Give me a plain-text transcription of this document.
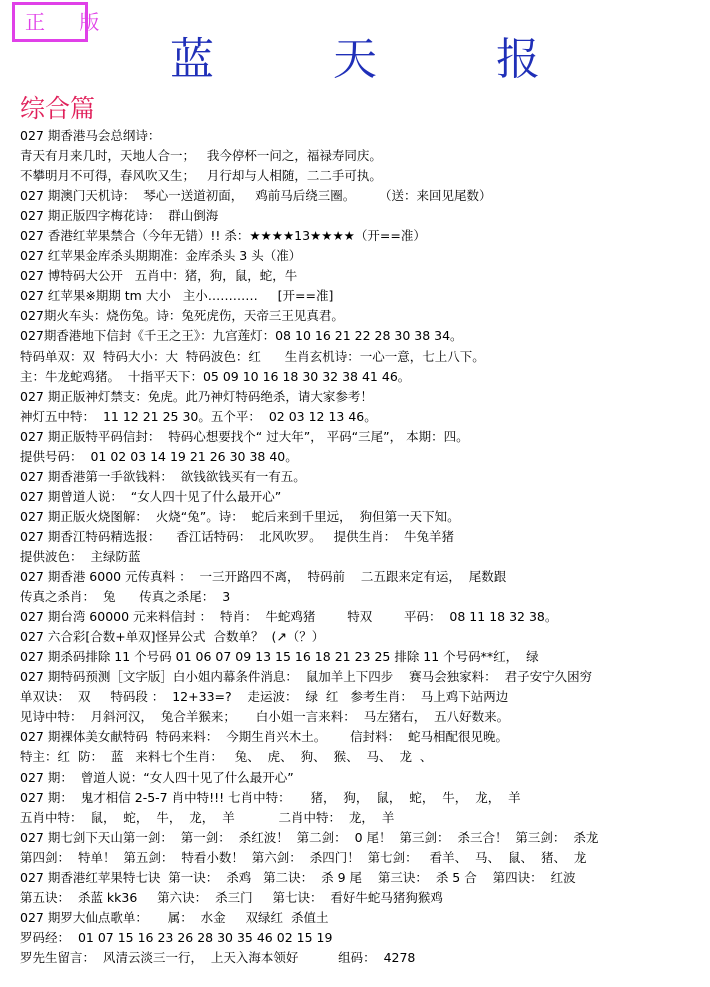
正 版
蓝	天	报
综合篇
027 期香港马会总纲诗：
青天有月来几时，天地人合一；   我今停杯一问之，福禄寿同庆。
不攀明月不可得，春风吹又生；   月行却与人相随，二二手可执。
027 期澳门天机诗：  琴心一送道初面，   鸡前马后绕三圈。      （送：来回见尾数）
027 期正版四字梅花诗：  群山倒海
027 香港红苹果禁合（今年无错）!! 杀：★★★★13★★★★（开==准）
027 红苹果金库杀头期期准：金库杀头 3 头（准）
027 博特码大公开   五肖中：猪，狗，鼠，蛇，牛
027 红苹果※期期 tm 大小   主小…………     [开==准]
027期火车头：烧伤兔。诗：兔死虎伤，天帝三王见真君。
027期香港地下信封《千王之王》：九宫莲灯：08 10 16 21 22 28 30 38 34。
特码单双：双  特码大小：大  特码波色：红      生肖玄机诗：一心一意，七上八下。
主：牛龙蛇鸡猪。  十指平天下：05 09 10 16 18 30 32 38 41 46。
027 期正版神灯禁支：免虎。此乃神灯特码绝杀，请大家参考！
神灯五中特：  11 12 21 25 30。五个平：  02 03 12 13 46。
027 期正版特平码信封：  特码心想要找个“ 过大年”， 平码“三尾”， 本期：四。
提供号码：  01 02 03 14 19 21 26 30 38 40。
027 期香港第一手欲钱料：  欲钱欲钱买有一有五。
027 期曾道人说：  “女人四十见了什么最开心”
027 期正版火烧图解：  火烧“兔”。诗：  蛇后来到千里远，  狗但第一天下知。
027 期香江特码精选报：    香江话特码：  北风吹罗。   提供生肖：  牛兔羊猪
提供波色：  主绿防蓝
027 期香港 6000 元传真料 ：  一三开路四不离，  特码前    二五跟来定有运，  尾数跟
传真之杀肖：  兔      传真之杀尾：  3
027 期台湾 60000 元来料信封 ：  特肖：  牛蛇鸡猪        特双        平码：  08 11 18 32 38。
027 六合彩[合数+单双]怪异公式  合数单？  (↗（？）
027 期杀码排除 11 个号码 01 06 07 09 13 15 16 18 21 23 25 排除 11 个号码**红，  绿
027 期特码预测［文字版］白小姐内幕条件消息：  鼠加羊上下四步    赛马会独家料：  君子安宁久困穷
单双诀：  双     特码段 ：  12+33=?    走运波：  绿  红   参考生肖：  马上鸡下站两边
见诗中特：  月斜河汉，  兔合羊猴来；     白小姐一言来料：  马左猪右，  五八好数来。
027 期裸体美女献特码  特码来料：  今期生肖兴木土。      信封料：  蛇马相配很见晚。
特主：红  防：  蓝   来料七个生肖：   兔、  虎、  狗、  猴、  马、  龙  、
027 期：  曾道人说：“女人四十见了什么最开心”
027 期：  鬼才相信 2-5-7 肖中特!!! 七肖中特：     猪，  狗，  鼠，  蛇，  牛，  龙，  羊
五肖中特：  鼠，  蛇，  牛，  龙，  羊           二肖中特：  龙，  羊
027 期七剑下天山第一剑：  第一剑：  杀红波！  第二剑：  0 尾！  第三剑：  杀三合！  第三剑：  杀龙
第四剑：  特单！  第五剑：  特看小数！  第六剑：  杀四门！  第七剑：   看羊、  马、  鼠、  猪、  龙
027 期香港红苹果特七诀  第一诀：  杀鸡   第二诀：  杀 9 尾    第三诀：  杀 5 合    第四诀：  红波
第五诀：  杀蓝 kk36     第六诀：  杀三门     第七诀：  看好牛蛇马猪狗猴鸡
027 期罗大仙点歌单：     属：  水金     双绿红  杀值土
罗码经：  01 07 15 16 23 26 28 30 35 46 02 15 19
罗先生留言：  风清云淡三一行，  上天入海本领好          组码：  4278
